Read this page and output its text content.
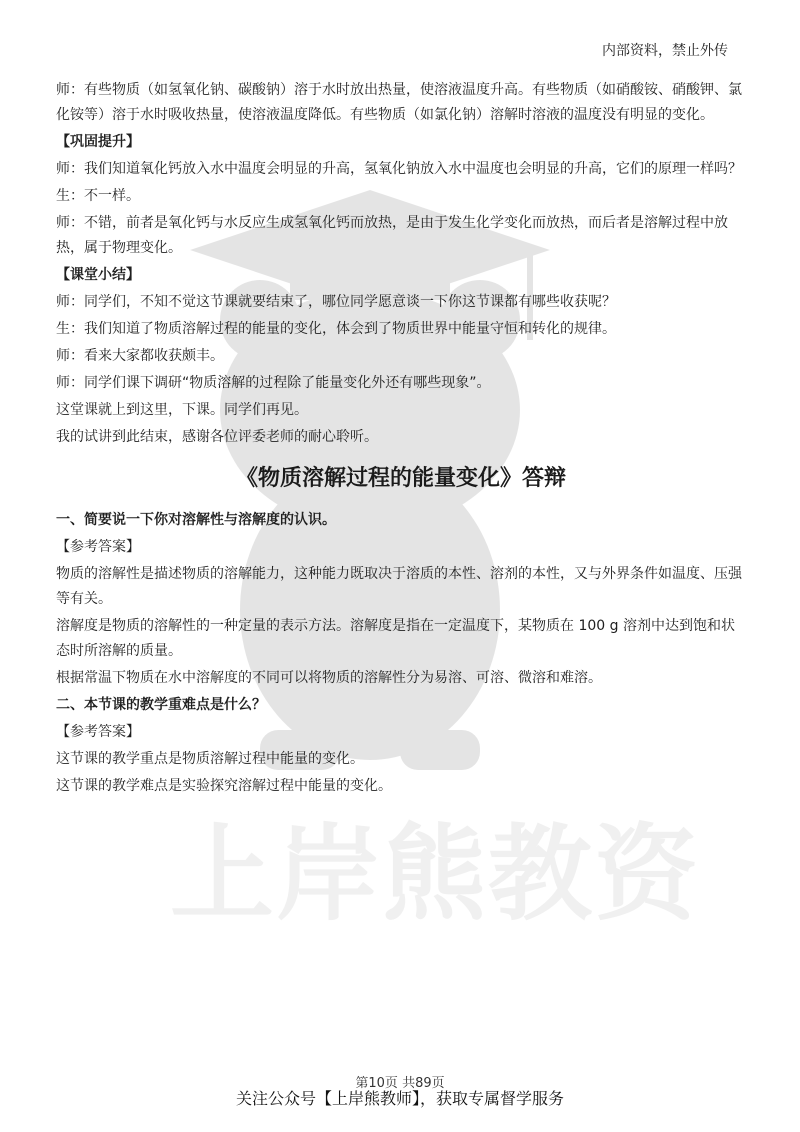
内部资料，禁止外传
上岸熊教资

师：有些物质（如氢氧化钠、碳酸钠）溶于水时放出热量，使溶液温度升高。有些物质（如硝酸铵、硝酸钾、氯化铵等）溶于水时吸收热量，使溶液温度降低。有些物质（如氯化钠）溶解时溶液的温度没有明显的变化。

【巩固提升】

师：我们知道氧化钙放入水中温度会明显的升高，氢氧化钠放入水中温度也会明显的升高，它们的原理一样吗？

生：不一样。

师：不错，前者是氧化钙与水反应生成氢氧化钙而放热，是由于发生化学变化而放热，而后者是溶解过程中放热，属于物理变化。

【课堂小结】

师：同学们，不知不觉这节课就要结束了，哪位同学愿意谈一下你这节课都有哪些收获呢？

生：我们知道了物质溶解过程的能量的变化，体会到了物质世界中能量守恒和转化的规律。

师：看来大家都收获颇丰。

师：同学们课下调研“物质溶解的过程除了能量变化外还有哪些现象”。

这堂课就上到这里，下课。同学们再见。

我的试讲到此结束，感谢各位评委老师的耐心聆听。

《物质溶解过程的能量变化》答辩

一、简要说一下你对溶解性与溶解度的认识。

【参考答案】

物质的溶解性是描述物质的溶解能力，这种能力既取决于溶质的本性、溶剂的本性，又与外界条件如温度、压强等有关。

溶解度是物质的溶解性的一种定量的表示方法。溶解度是指在一定温度下，某物质在 100 g 溶剂中达到饱和状态时所溶解的质量。

根据常温下物质在水中溶解度的不同可以将物质的溶解性分为易溶、可溶、微溶和难溶。

二、本节课的教学重难点是什么？

【参考答案】

这节课的教学重点是物质溶解过程中能量的变化。

这节课的教学难点是实验探究溶解过程中能量的变化。

第10页 共89页
关注公众号【上岸熊教师】，获取专属督学服务
